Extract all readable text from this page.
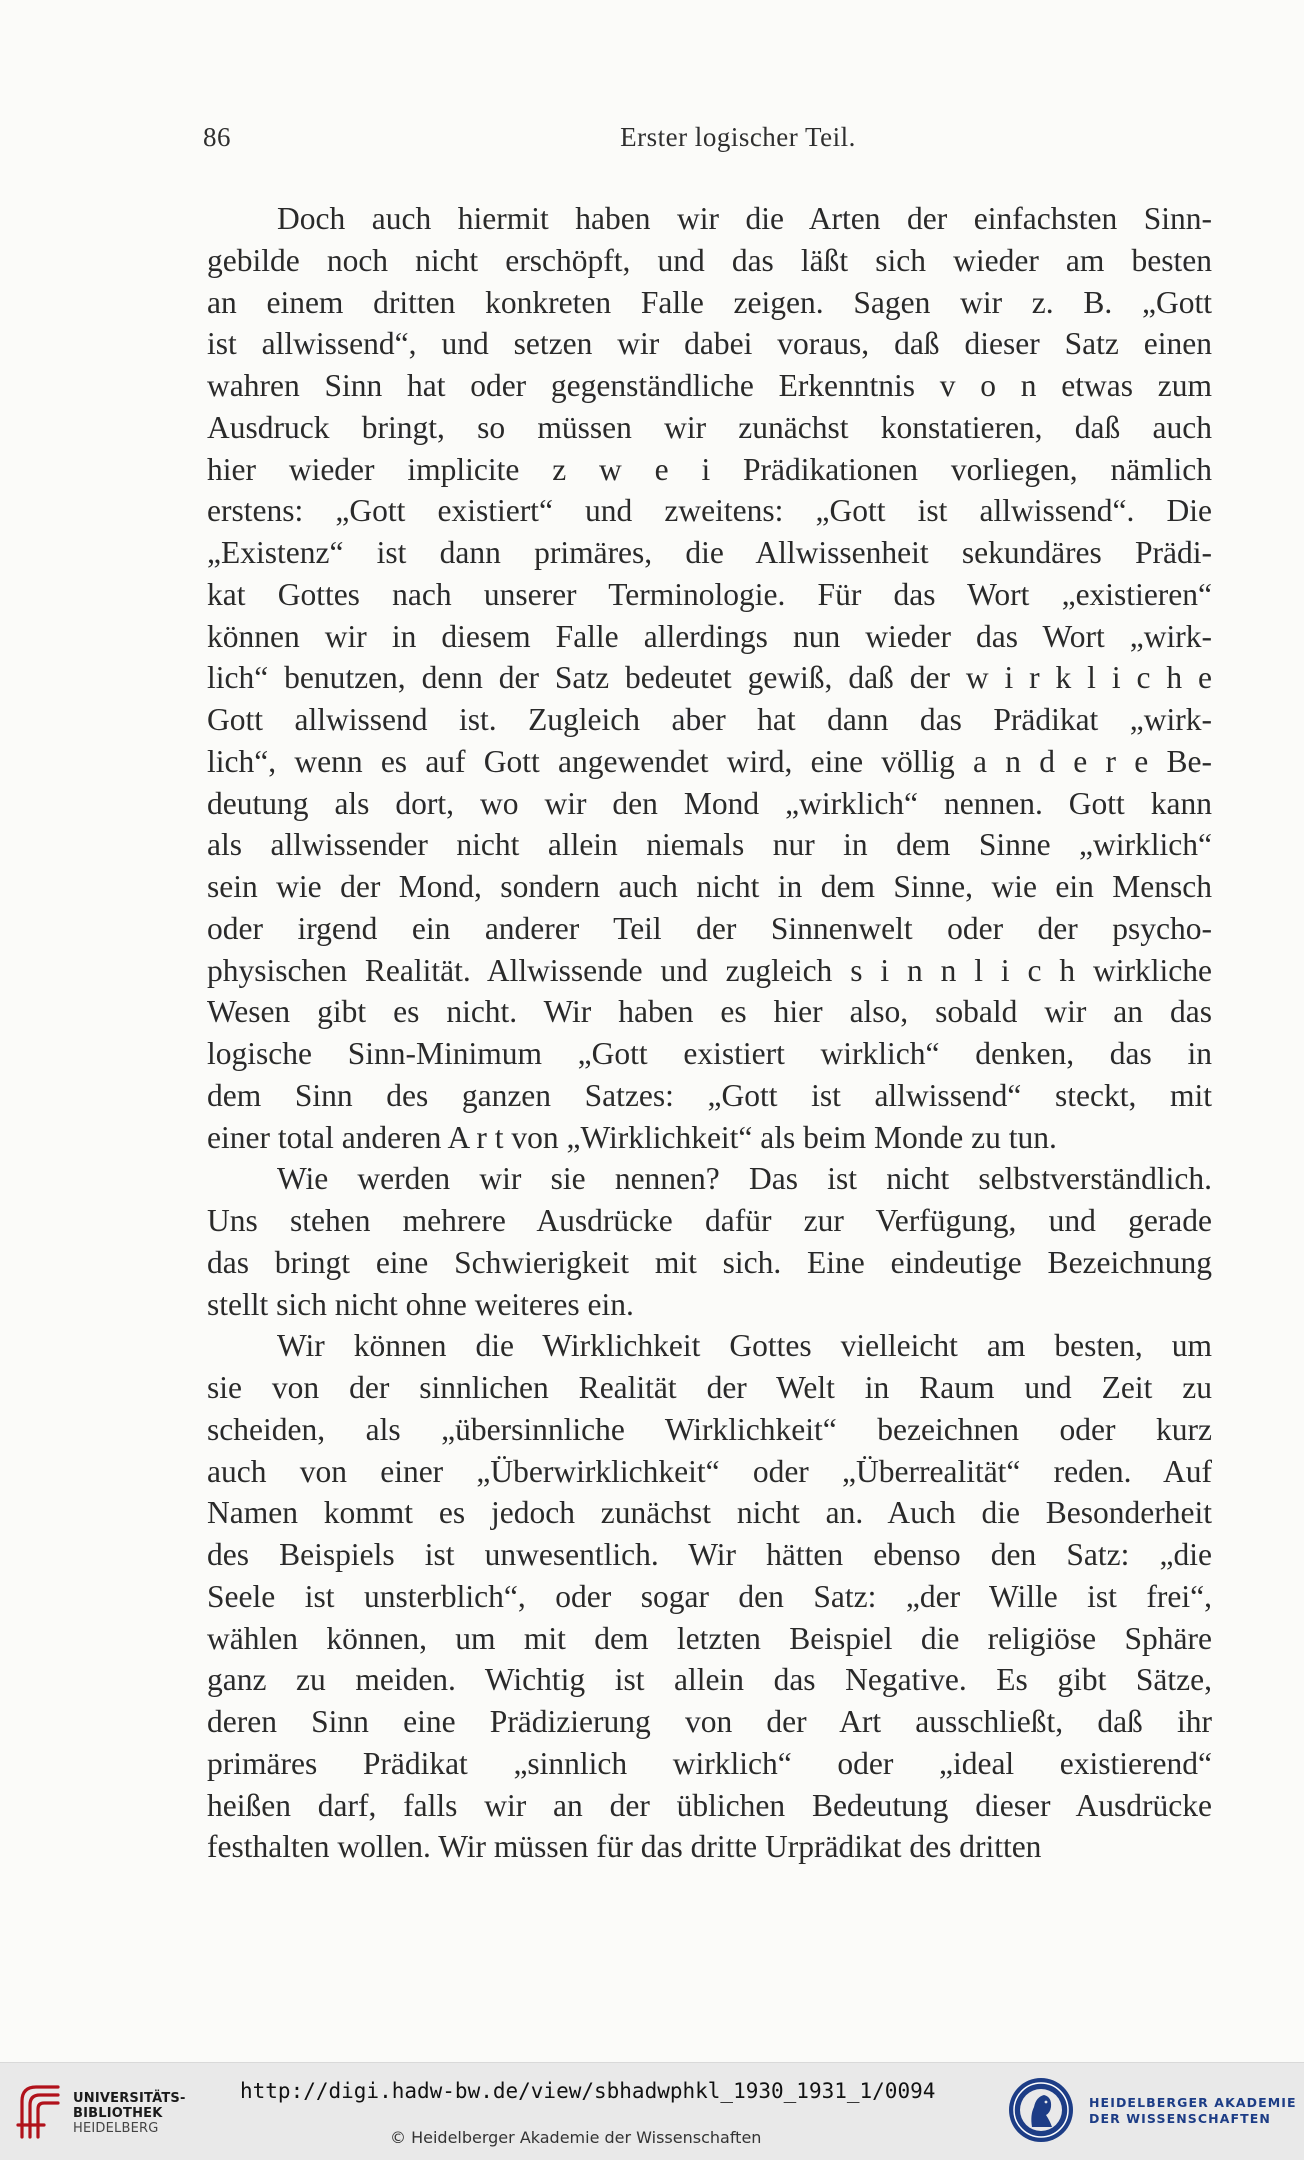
86	Erster logischer Teil.
Doch auch hiermit haben wir die Arten der einfachsten Sinn-
gebilde noch nicht erschöpft, und das läßt sich wieder am besten
an einem dritten konkreten Falle zeigen. Sagen wir z. B. „Gott
ist allwissend“, und setzen wir dabei voraus, daß dieser Satz einen
wahren Sinn hat oder gegenständliche Erkenntnis v o n etwas zum
Ausdruck bringt, so müssen wir zunächst konstatieren, daß auch
hier wieder implicite z w e i Prädikationen vorliegen, nämlich
erstens: „Gott existiert“ und zweitens: „Gott ist allwissend“. Die
„Existenz“ ist dann primäres, die Allwissenheit sekundäres Prädi-
kat Gottes nach unserer Terminologie. Für das Wort „existieren“
können wir in diesem Falle allerdings nun wieder das Wort „wirk-
lich“ benutzen, denn der Satz bedeutet gewiß, daß der w i r k l i c h e
Gott allwissend ist. Zugleich aber hat dann das Prädikat „wirk-
lich“, wenn es auf Gott angewendet wird, eine völlig a n d e r e Be-
deutung als dort, wo wir den Mond „wirklich“ nennen. Gott kann
als allwissender nicht allein niemals nur in dem Sinne „wirklich“
sein wie der Mond, sondern auch nicht in dem Sinne, wie ein Mensch
oder irgend ein anderer Teil der Sinnenwelt oder der psycho-
physischen Realität. Allwissende und zugleich s i n n l i c h wirkliche
Wesen gibt es nicht. Wir haben es hier also, sobald wir an das
logische Sinn-Minimum „Gott existiert wirklich“ denken, das in
dem Sinn des ganzen Satzes: „Gott ist allwissend“ steckt, mit
einer total anderen A r t von „Wirklichkeit“ als beim Monde zu tun.
Wie werden wir sie nennen? Das ist nicht selbstverständlich.
Uns stehen mehrere Ausdrücke dafür zur Verfügung, und gerade
das bringt eine Schwierigkeit mit sich. Eine eindeutige Bezeichnung
stellt sich nicht ohne weiteres ein.
Wir können die Wirklichkeit Gottes vielleicht am besten, um
sie von der sinnlichen Realität der Welt in Raum und Zeit zu
scheiden, als „übersinnliche Wirklichkeit“ bezeichnen oder kurz
auch von einer „Überwirklichkeit“ oder „Überrealität“ reden. Auf
Namen kommt es jedoch zunächst nicht an. Auch die Besonderheit
des Beispiels ist unwesentlich. Wir hätten ebenso den Satz: „die
Seele ist unsterblich“, oder sogar den Satz: „der Wille ist frei“,
wählen können, um mit dem letzten Beispiel die religiöse Sphäre
ganz zu meiden. Wichtig ist allein das Negative. Es gibt Sätze,
deren Sinn eine Prädizierung von der Art ausschließt, daß ihr
primäres Prädikat „sinnlich wirklich“ oder „ideal existierend“
heißen darf, falls wir an der üblichen Bedeutung dieser Ausdrücke
festhalten wollen. Wir müssen für das dritte Urprädikat des dritten
UNIVERSITÄTS-
BIBLIOTHEK
HEIDELBERG
http://digi.hadw-bw.de/view/sbhadwphkl_1930_1931_1/0094
© Heidelberger Akademie der Wissenschaften
HEIDELBERGER AKADEMIE
DER WISSENSCHAFTEN
